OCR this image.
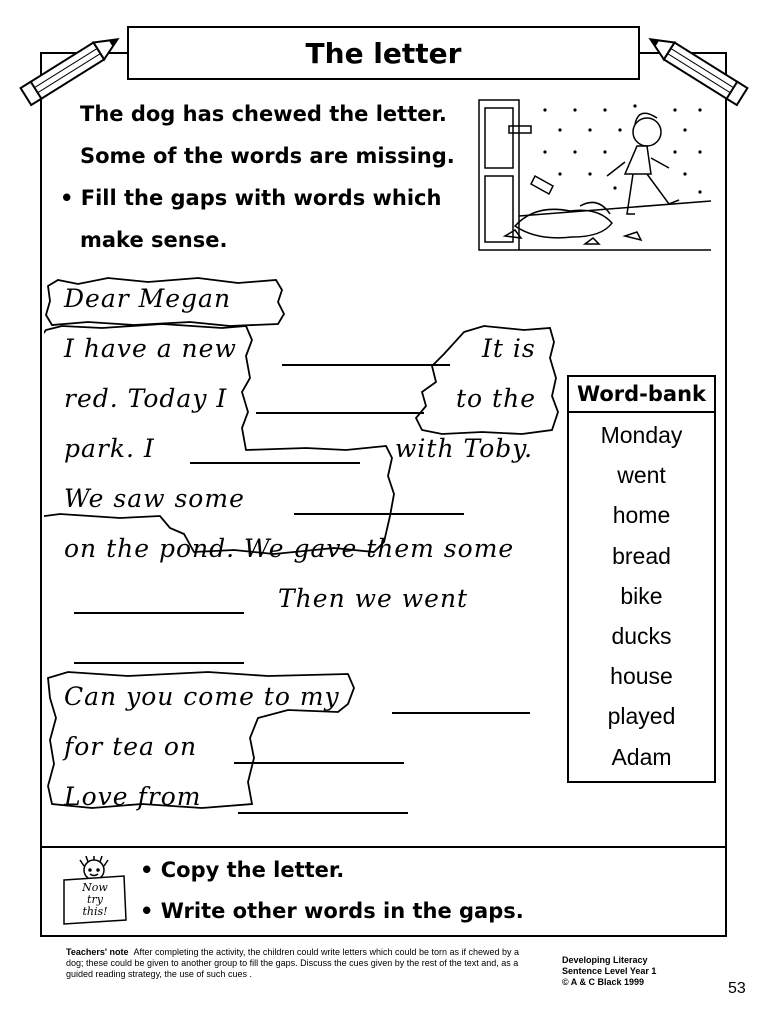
The letter
The dog has chewed the letter.
Some of the words are missing.
• Fill the gaps with words which
make sense.
Dear Megan
I have a new	It is
red. Today I	to the
park. I	with Toby.
We saw some
on the pond. We gave them some
Then we went
Can you come to my
for tea on
Love from
Word-bank
Monday
went
home
bread
bike
ducks
house
played
Adam
Now
try
this!
• Copy the letter.
• Write other words in the gaps.
Teachers' note After completing the activity, the children could write letters which could be torn as if chewed by a dog; these could be given to another group to fill the gaps. Discuss the cues given by the rest of the text and, as a guided reading strategy, the use of such cues .
Developing Literacy
Sentence Level Year 1
© A & C Black 1999	53
